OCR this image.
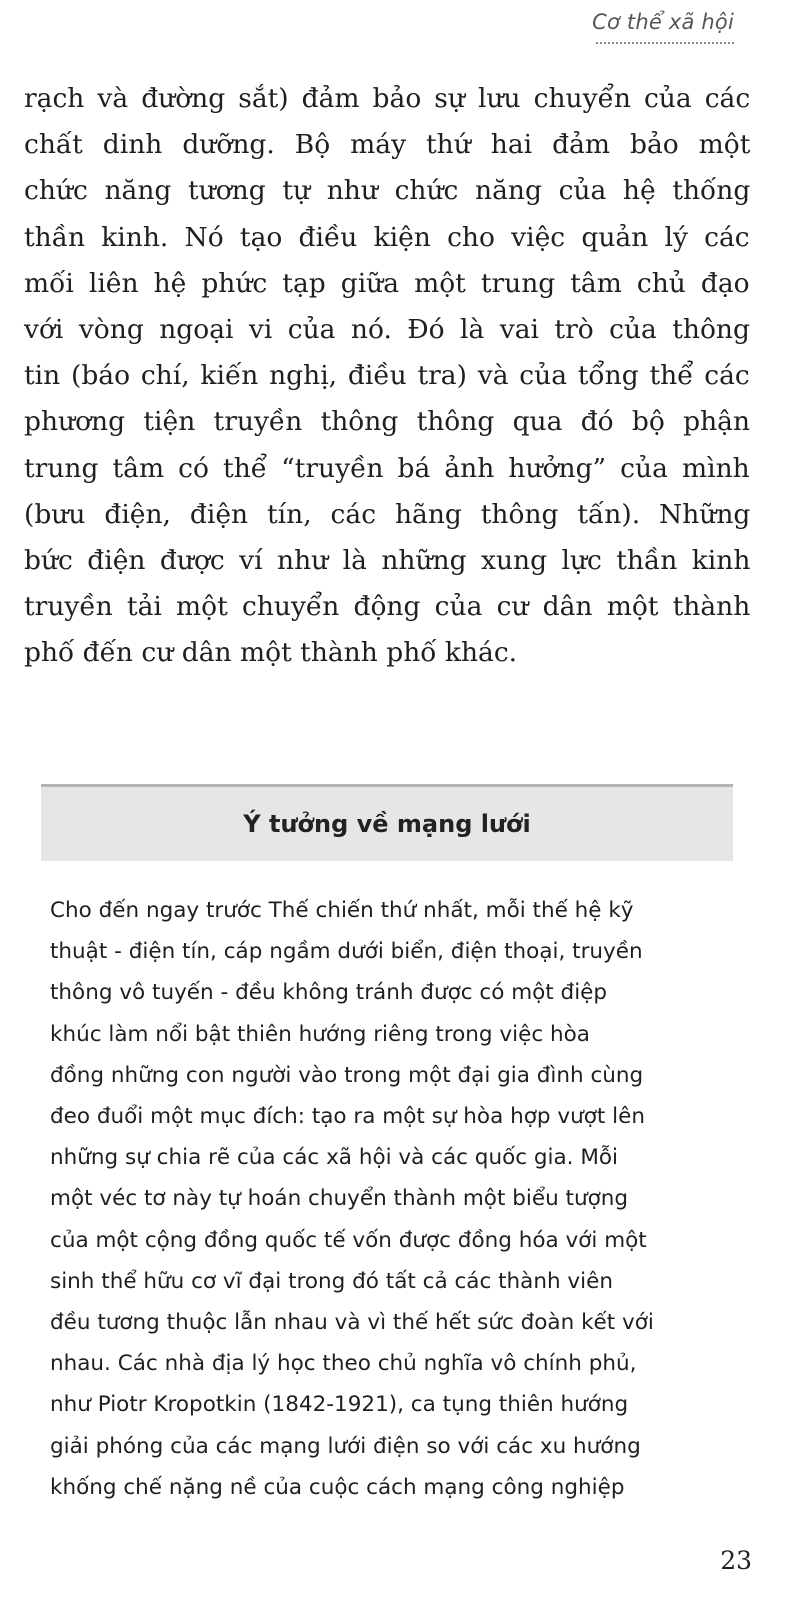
Cơ thể xã hội
rạch và đường sắt) đảm bảo sự lưu chuyển của các
chất dinh dưỡng. Bộ máy thứ hai đảm bảo một
chức năng tương tự như chức năng của hệ thống
thần kinh. Nó tạo điều kiện cho việc quản lý các
mối liên hệ phức tạp giữa một trung tâm chủ đạo
với vòng ngoại vi của nó. Đó là vai trò của thông
tin (báo chí, kiến nghị, điều tra) và của tổng thể các
phương tiện truyền thông thông qua đó bộ phận
trung tâm có thể “truyền bá ảnh hưởng” của mình
(bưu điện, điện tín, các hãng thông tấn). Những
bức điện được ví như là những xung lực thần kinh
truyền tải một chuyển động của cư dân một thành
phố đến cư dân một thành phố khác.
Ý tưởng về mạng lưới
Cho đến ngay trước Thế chiến thứ nhất, mỗi thế hệ kỹ
thuật - điện tín, cáp ngầm dưới biển, điện thoại, truyền
thông vô tuyến - đều không tránh được có một điệp
khúc làm nổi bật thiên hướng riêng trong việc hòa
đồng những con người vào trong một đại gia đình cùng
đeo đuổi một mục đích: tạo ra một sự hòa hợp vượt lên
những sự chia rẽ của các xã hội và các quốc gia. Mỗi
một véc tơ này tự hoán chuyển thành một biểu tượng
của một cộng đồng quốc tế vốn được đồng hóa với một
sinh thể hữu cơ vĩ đại trong đó tất cả các thành viên
đều tương thuộc lẫn nhau và vì thế hết sức đoàn kết với
nhau. Các nhà địa lý học theo chủ nghĩa vô chính phủ,
như Piotr Kropotkin (1842-1921), ca tụng thiên hướng
giải phóng của các mạng lưới điện so với các xu hướng
khống chế nặng nề của cuộc cách mạng công nghiệp
23
